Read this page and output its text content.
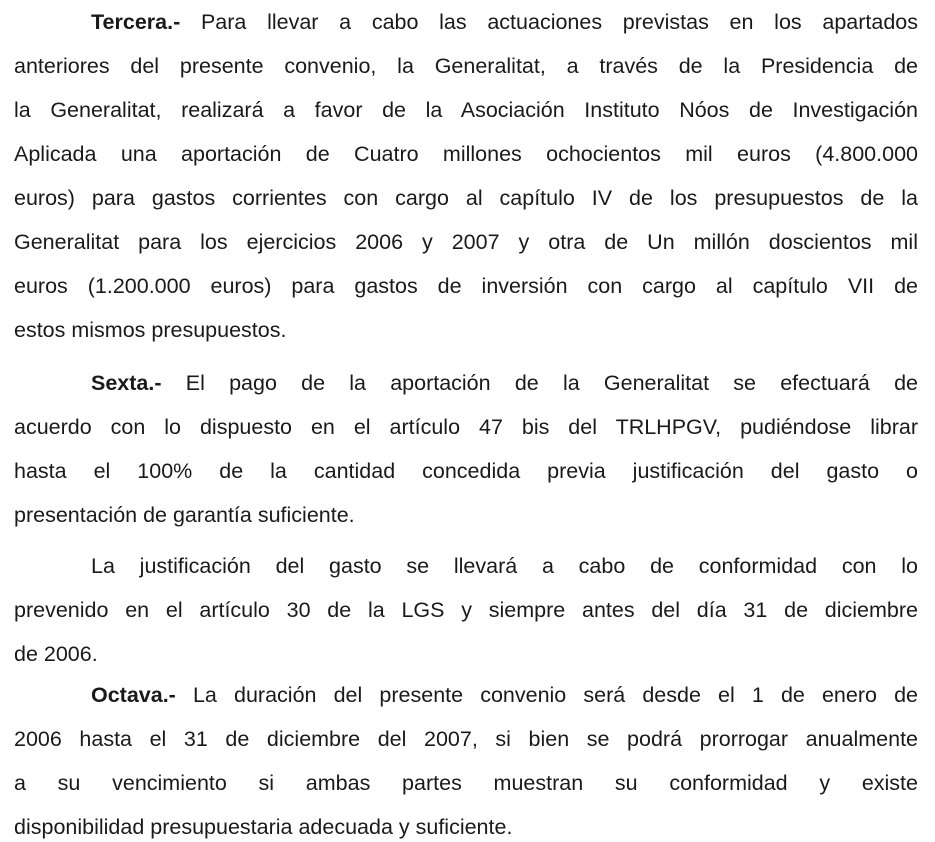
Tercera.- Para llevar a cabo las actuaciones previstas en los apartados
anteriores del presente convenio, la Generalitat, a través de la Presidencia de
la Generalitat, realizará a favor de la Asociación Instituto Nóos de Investigación
Aplicada una aportación de Cuatro millones ochocientos mil euros (4.800.000
euros) para gastos corrientes con cargo al capítulo IV de los presupuestos de la
Generalitat para los ejercicios 2006 y 2007 y otra de Un millón doscientos mil
euros (1.200.000 euros) para gastos de inversión con cargo al capítulo VII de
estos mismos presupuestos.
Sexta.- El pago de la aportación de la Generalitat se efectuará de
acuerdo con lo dispuesto en el artículo 47 bis del TRLHPGV, pudiéndose librar
hasta el 100% de la cantidad concedida previa justificación del gasto o
presentación de garantía suficiente.
La justificación del gasto se llevará a cabo de conformidad con lo
prevenido en el artículo 30 de la LGS y siempre antes del día 31 de diciembre
de 2006.
Octava.- La duración del presente convenio será desde el 1 de enero de
2006 hasta el 31 de diciembre del 2007, si bien se podrá prorrogar anualmente
a su vencimiento si ambas partes muestran su conformidad y existe
disponibilidad presupuestaria adecuada y suficiente.
